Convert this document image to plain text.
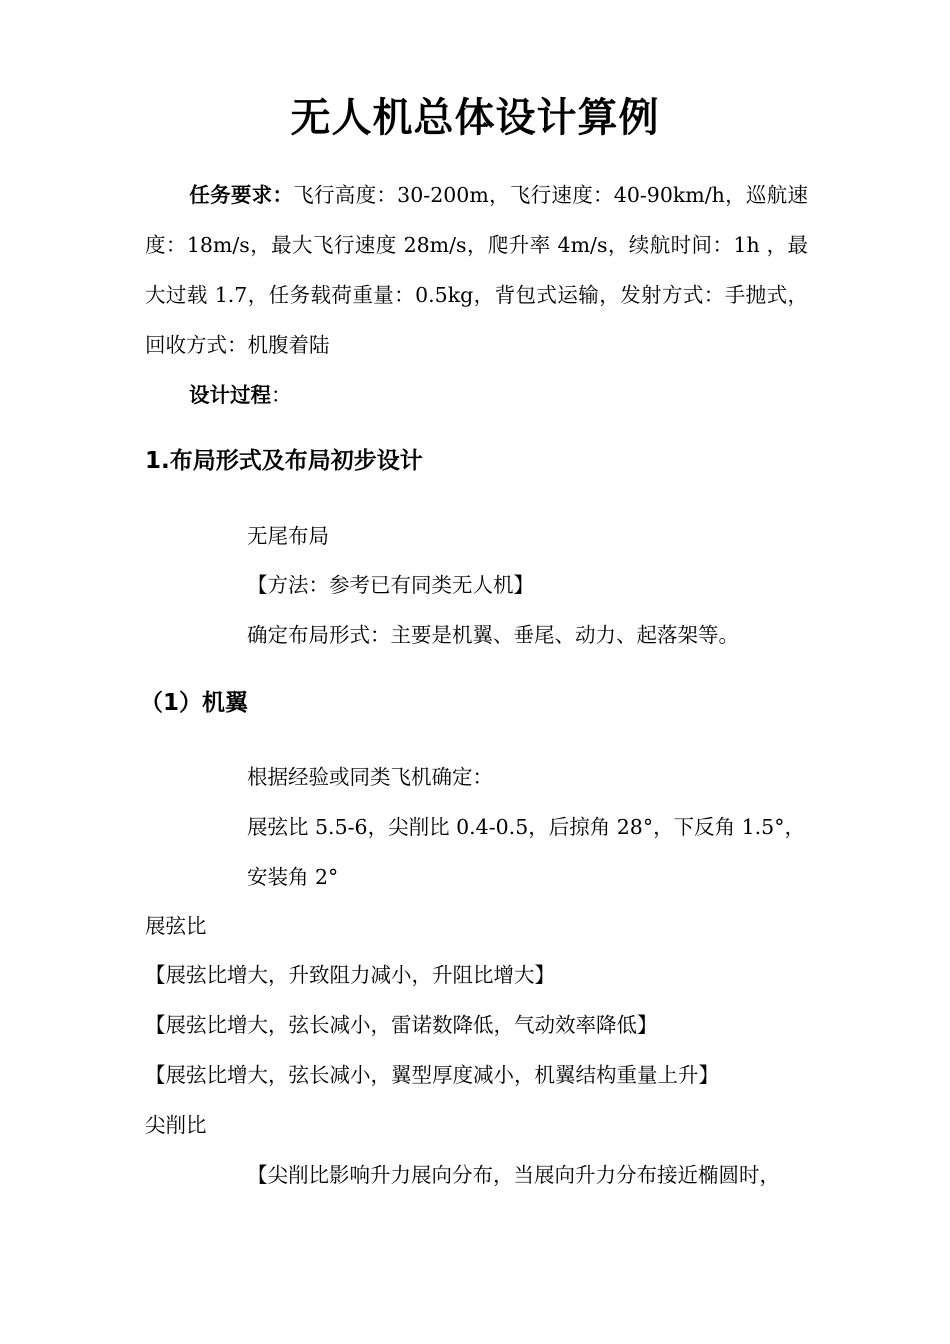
无人机总体设计算例
任务要求：飞行高度：30-200m，飞行速度：40-90km/h，巡航速度：18m/s，最大飞行速度 28m/s，爬升率 4m/s，续航时间：1h ，最大过载 1.7，任务载荷重量：0.5kg，背包式运输，发射方式：手抛式，回收方式：机腹着陆
设计过程：
1.布局形式及布局初步设计
无尾布局
【方法：参考已有同类无人机】
确定布局形式：主要是机翼、垂尾、动力、起落架等。
（1）机翼
根据经验或同类飞机确定：
展弦比 5.5-6，尖削比 0.4-0.5，后掠角 28°，下反角 1.5°，
安装角 2°
展弦比
【展弦比增大，升致阻力减小，升阻比增大】
【展弦比增大，弦长减小，雷诺数降低，气动效率降低】
【展弦比增大，弦长减小，翼型厚度减小，机翼结构重量上升】
尖削比
【尖削比影响升力展向分布，当展向升力分布接近椭圆时，
